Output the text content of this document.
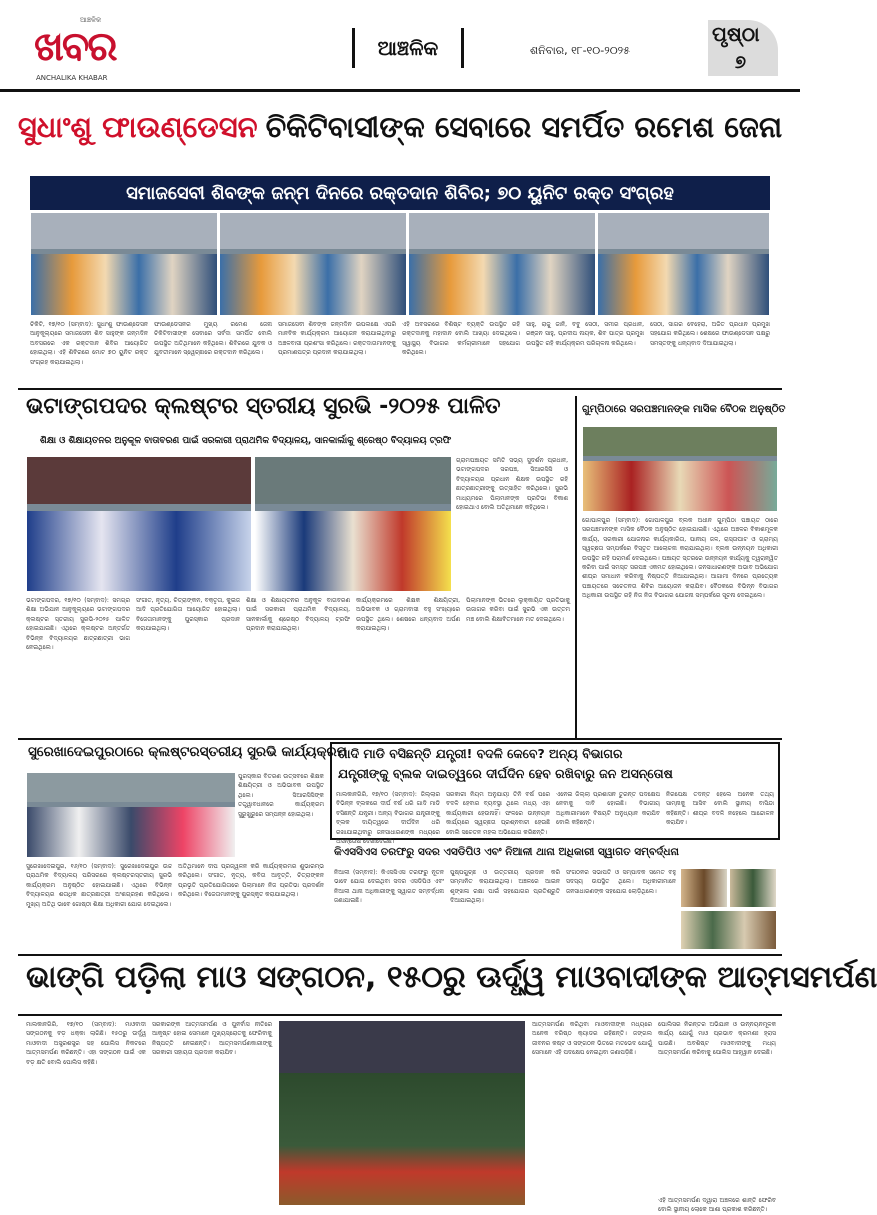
ଆଞ୍ଚଳିକ
ଖବର
ANCHALIKA KHABAR
ଆଞ୍ଚଳିକ	ଶନିବାର, ୧୮-୧୦-୨୦୨୫
ପୃଷ୍ଠା
୭
ସୁଧାଂଶୁ ଫାଉଣ୍ଡେସନ ଚିକିଟିବାସୀଙ୍କ ସେବାରେ ସମର୍ପିତ ରମେଶ ଜେନା
ସମାଜସେବୀ ଶିବଙ୍କ ଜନ୍ମ ଦିନରେ ରକ୍ତଦାନ ଶିବିର; ୭୦ ୟୁନିଟ ରକ୍ତ ସଂଗ୍ରହ
ଚିକିଟି, ୧୭/୧୦ (ସମ୍ବାଦ): ସୁଧାଂଶୁ ଫାଉଣ୍ଡେସନ ଆନୁକୂଲ୍ୟରେ ସମାଜସେବୀ ଶିବ ସାହୁଙ୍କ ଜନ୍ମଦିନ ଅବସରରେ ଏକ ରକ୍ତଦାନ ଶିବିର ଆୟୋଜିତ ହୋଇଥିଲା। ଏହି ଶିବିରରେ ମୋଟ ୭୦ ୟୁନିଟ ରକ୍ତ ସଂଗ୍ରହ କରାଯାଇଥିଲା।
ଫାଉଣ୍ଡେସନର ମୁଖ୍ୟ ରମେଶ ଜେନା ଚିକିଟିବାସୀଙ୍କ ସେବାରେ ସର୍ବଦା ସମର୍ପିତ ବୋଲି ଉପସ୍ଥିତ ଅତିଥିମାନେ କହିଥିଲେ। ଶିବିରରେ ଯୁବକ ଓ ଯୁବତୀମାନେ ସ୍ୱେଚ୍ଛାରେ ରକ୍ତଦାନ କରିଥିଲେ।
ସମାଜସେବୀ ଶିବଙ୍କ ଜନ୍ମଦିନ ଉପଲକ୍ଷେ ଏପରି ମାନବିକ କାର୍ଯ୍ୟକ୍ରମ ଆୟୋଜନ କରାଯାଇଥିବାରୁ ଅଞ୍ଚଳବାସୀ ପ୍ରଶଂସା କରିଥିଲେ। ରକ୍ତଦାତାମାନଙ୍କୁ ପ୍ରମାଣପତ୍ର ପ୍ରଦାନ କରାଯାଇଥିଲା।
ଏହି ଅବସରରେ ବିଶିଷ୍ଟ ବ୍ୟକ୍ତି ଉପସ୍ଥିତ ରହି ରକ୍ତଦାନକୁ ମହାଦାନ ବୋଲି ଆଖ୍ୟା ଦେଇଥିଲେ। ସ୍ୱାସ୍ଥ୍ୟ ବିଭାଗର କର୍ମଚାରୀମାନେ ସହଯୋଗ କରିଥିଲେ।
ସାହୁ, ରାଜୁ ଜାନି, ବବୁ ସେଠୀ, ସମୀର ପ୍ରଧାନ, ରଞ୍ଜନ ସାହୁ, ପ୍ରଦୀପ ନାୟକ, ଶିବ ପାତ୍ର ପ୍ରମୁଖ ଉପସ୍ଥିତ ରହି କାର୍ଯ୍ୟକ୍ରମ ପରିଚାଳନା କରିଥିଲେ।
ସେଠୀ, ସାଗର ବେହେରା, ଅଜିତ ପ୍ରଧାନ ପ୍ରମୁଖ ସହଯୋଗ କରିଥିଲେ। ଶେଷରେ ଫାଉଣ୍ଡେସନ ପକ୍ଷରୁ ସମସ୍ତଙ୍କୁ ଧନ୍ୟବାଦ ଦିଆଯାଇଥିଲା।
ଭଟାଙ୍ଗପଦର କ୍ଲଷ୍ଟର ସ୍ତରୀୟ ସୁରଭି -୨୦୨୫ ପାଳିତ
ଶିକ୍ଷା ଓ ଶିକ୍ଷାୟତନର ଅନୁକୂଳ ବାତାବରଣ ପାଇଁ ସରକାରୀ ପ୍ରାଥମିକ ବିଦ୍ୟାଳୟ, ସାନକାର୍ଲାକୁ ଶ୍ରେଷ୍ଠ ବିଦ୍ୟାଳୟ ଟ୍ରଫି
ଗ୍ରାମପଞ୍ଚାୟତ ସମିତି ସଭ୍ୟ ସୁଦର୍ଶନ ପ୍ରଧାନ, ଭଟାଙ୍ଗପଦର ସରପଞ୍ଚ, ସିଆରସିସି ଓ ବିଦ୍ୟାଳୟର ପ୍ରଧାନ ଶିକ୍ଷକ ଉପସ୍ଥିତ ରହି ଛାତ୍ରଛାତ୍ରୀଙ୍କୁ ଉତ୍ସାହିତ କରିଥିଲେ। ସୁରଭି ମାଧ୍ୟମରେ ପିଲାମାନଙ୍କ ପ୍ରତିଭା ବିକାଶ ହୋଇଥାଏ ବୋଲି ଅତିଥିମାନେ କହିଥିଲେ।
ଭଟାଙ୍ଗପଦର, ୧୭/୧୦ (ସମ୍ବାଦ): ସମଗ୍ର ଶିକ୍ଷା ଅଭିଯାନ ଆନୁକୂଲ୍ୟରେ ଭଟାଙ୍ଗପଦର କ୍ଲଷ୍ଟର ସ୍ତରୀୟ ସୁରଭି-୨୦୨୫ ପାଳିତ ହୋଇଯାଇଛି। ଏଥିରେ କ୍ଲଷ୍ଟର ଅନ୍ତର୍ଗତ ବିଭିନ୍ନ ବିଦ୍ୟାଳୟର ଛାତ୍ରଛାତ୍ରୀ ଭାଗ ନେଇଥିଲେ।
ସଂଗୀତ, ନୃତ୍ୟ, ଚିତ୍ରାଙ୍କନ, ବକ୍ତୃତା, କୁଇଜ ଆଦି ପ୍ରତିଯୋଗିତା ଆୟୋଜିତ ହୋଇଥିଲା। ବିଜେତାମାନଙ୍କୁ ପୁରସ୍କାର ପ୍ରଦାନ କରାଯାଇଥିଲା।
ଶିକ୍ଷା ଓ ଶିକ୍ଷାୟତନର ଅନୁକୂଳ ବାତାବରଣ ପାଇଁ ସରକାରୀ ପ୍ରାଥମିକ ବିଦ୍ୟାଳୟ, ସାନକାର୍ଲାକୁ ଶ୍ରେଷ୍ଠ ବିଦ୍ୟାଳୟ ଟ୍ରଫି ପ୍ରଦାନ କରାଯାଇଥିଲା।
କାର୍ଯ୍ୟକ୍ରମରେ ଶିକ୍ଷକ ଶିକ୍ଷୟିତ୍ରୀ, ଅଭିଭାବକ ଓ ଗ୍ରାମବାସୀ ବହୁ ସଂଖ୍ୟାରେ ଉପସ୍ଥିତ ଥିଲେ। ଶେଷରେ ଧନ୍ୟବାଦ ଅର୍ପଣ କରାଯାଇଥିଲା।
ପିଲାମାନଙ୍କ ଭିତରେ ଲୁକ୍କାୟିତ ପ୍ରତିଭାକୁ ଉଜାଗର କରିବା ପାଇଁ ସୁରଭି ଏକ ଉତ୍ତମ ମଞ୍ଚ ବୋଲି ଶିକ୍ଷାବିତମାନେ ମତ ଦେଇଥିଲେ।
ଗୁମ୍ପିଠାରେ ସରପଞ୍ଚମାନଙ୍କ ମାସିକ ବୈଠକ ଅନୁଷ୍ଠିତ
ଗୋପାଳପୁର (ସମ୍ବାଦ): ଗୋପାଳପୁର ବ୍ଲକ ଅଧୀନ ଗୁମ୍ପିଠା ପଞ୍ଚାୟତ ଠାରେ ସରପଞ୍ଚମାନଙ୍କ ମାସିକ ବୈଠକ ଅନୁଷ୍ଠିତ ହୋଇଯାଇଛି। ଏଥିରେ ଅଞ୍ଚଳର ବିକାଶମୂଳକ କାର୍ଯ୍ୟ, ସରକାରୀ ଯୋଜନାର କାର୍ଯ୍ୟକାରିତା, ପାନୀୟ ଜଳ, ରାସ୍ତାଘାଟ ଓ ଗ୍ରାମ୍ୟ ସ୍ୱଚ୍ଛତା ସମ୍ପର୍କରେ ବିସ୍ତୃତ ଆଲୋଚନା କରାଯାଇଥିଲା। ବ୍ଲକ ଉନ୍ନୟନ ଅଧିକାରୀ ଉପସ୍ଥିତ ରହି ପରାମର୍ଶ ଦେଇଥିଲେ। ପଞ୍ଚାୟତ ସ୍ତରରେ ଉନ୍ନୟନ କାର୍ଯ୍ୟକୁ ତ୍ୱରାନ୍ୱିତ କରିବା ପାଇଁ ସମସ୍ତ ସରପଞ୍ଚ ଏକମତ ହୋଇଥିଲେ। ଜନସାଧାରଣଙ୍କ ଅଭାବ ଅଭିଯୋଗ ଶୀଘ୍ର ସମାଧାନ କରିବାକୁ ନିଷ୍ପତ୍ତି ନିଆଯାଇଥିଲା। ଆଗାମୀ ଦିନରେ ପ୍ରତ୍ୟେକ ପଞ୍ଚାୟତରେ ସଚେତନତା ଶିବିର ଆୟୋଜନ କରାଯିବ। ବୈଠକରେ ବିଭିନ୍ନ ବିଭାଗର ଅଧିକାରୀ ଉପସ୍ଥିତ ରହି ନିଜ ନିଜ ବିଭାଗର ଯୋଜନା ସମ୍ପର୍କରେ ସୂଚନା ଦେଇଥିଲେ।
ସୁରେଖାଦେଇପୁରଠାରେ କ୍ଲଷ୍ଟରସ୍ତରୀୟ ସୁରଭି କାର୍ଯ୍ୟକ୍ରମ
ପୁରସ୍କାର ବିତରଣ ଉତ୍ସବରେ ଶିକ୍ଷକ ଶିକ୍ଷୟିତ୍ରୀ ଓ ଅଭିଭାବକ ଉପସ୍ଥିତ ଥିଲେ। ସିଆରସିସିଙ୍କ ତତ୍ତ୍ୱାବଧାନରେ କାର୍ଯ୍ୟକ୍ରମ ସୁରୁଖୁରୁରେ ସମ୍ପନ୍ନ ହୋଇଥିଲା।
ସୁରେଖାଦେଇପୁର, ୧୬/୧୦ (ସମ୍ବାଦ): ସୁରେଖାଦେଇପୁର ଉଚ୍ଚ ପ୍ରାଥମିକ ବିଦ୍ୟାଳୟ ପରିସରରେ କ୍ଲଷ୍ଟରସ୍ତରୀୟ ସୁରଭି କାର୍ଯ୍ୟକ୍ରମ ଅନୁଷ୍ଠିତ ହୋଇଯାଇଛି। ଏଥିରେ ବିଭିନ୍ନ ବିଦ୍ୟାଳୟର ଶତାଧିକ ଛାତ୍ରଛାତ୍ରୀ ଅଂଶଗ୍ରହଣ କରିଥିଲେ। ମୁଖ୍ୟ ଅତିଥି ଭାବେ ଗୋଷ୍ଠୀ ଶିକ୍ଷା ଅଧିକାରୀ ଯୋଗ ଦେଇଥିଲେ।
ଅତିଥିମାନେ ଦୀପ ପ୍ରଜ୍ୱଳନ କରି କାର୍ଯ୍ୟକ୍ରମର ଶୁଭାରମ୍ଭ କରିଥିଲେ। ସଂଗୀତ, ନୃତ୍ୟ, କବିତା ଆବୃତ୍ତି, ଚିତ୍ରାଙ୍କନ ପ୍ରଭୃତି ପ୍ରତିଯୋଗିତାରେ ପିଲାମାନେ ନିଜ ପ୍ରତିଭା ପ୍ରଦର୍ଶନ କରିଥିଲେ। ବିଜେତାମାନଙ୍କୁ ପୁରସ୍କୃତ କରାଯାଇଥିଲା।
ଗାଦି ମାଡି ବସିଛନ୍ତି ଯନ୍ତ୍ରୀ! ବଦଳି କେବେ? ଅନ୍ୟ ବିଭାଗର
ଯନ୍ତ୍ରୀଙ୍କୁ ବ୍ଲକ ଦାଇତ୍ୱରେ ଦୀର୍ଘଦିନ ହେବ ରଖିବାରୁ ଜନ ଅସନ୍ତୋଷ
ମାଲକାନଗିରି, ୧୭/୧୦ (ସମ୍ବାଦ): ଜିଲ୍ଲାର ବିଭିନ୍ନ ବ୍ଲକରେ ଦୀର୍ଘ ବର୍ଷ ଧରି ଗାଦି ମାଡି ବସିଛନ୍ତି ଯନ୍ତ୍ରୀ। ଅନ୍ୟ ବିଭାଗର ଯନ୍ତ୍ରୀଙ୍କୁ ବ୍ଲକ ଦାୟିତ୍ୱରେ ଦୀର୍ଘଦିନ ଧରି ରଖାଯାଇଥିବାରୁ ଜନସାଧାରଣଙ୍କ ମଧ୍ୟରେ ଅସନ୍ତୋଷ ଦେଖାଦେଇଛି।
ସରକାରୀ ନିୟମ ଅନୁଯାୟୀ ତିନି ବର୍ଷ ପରେ ବଦଳି ହେବାର ବ୍ୟବସ୍ଥା ଥିଲେ ମଧ୍ୟ ଏହା କାର୍ଯ୍ୟକାରୀ ହେଉନାହିଁ। ଫଳରେ ଉନ୍ନୟନ କାର୍ଯ୍ୟରେ ସ୍ୱଚ୍ଛତା ପ୍ରଶ୍ନବାଚୀ ହେଉଛି ବୋଲି ସଚେତନ ମହଲ ଅଭିଯୋଗ କରିଛନ୍ତି।
ଏନେଇ ଜିଲ୍ଲା ପ୍ରଶାସନ ତୁରନ୍ତ ପଦକ୍ଷେପ ନେବାକୁ ଦାବି ହୋଇଛି। ବିଭାଗୀୟ ଅଧିକାରୀମାନେ ବିଷୟଟି ଅନୁଧ୍ୟାନ କରାଯିବ ବୋଲି କହିଛନ୍ତି।
ନିରପେକ୍ଷ ତଦନ୍ତ ହେଲେ ଅନେକ ତଥ୍ୟ ସାମ୍ନାକୁ ଆସିବ ବୋଲି ସ୍ଥାନୀୟ ବାସିନ୍ଦା କହିଛନ୍ତି। ଶୀଘ୍ର ବଦଳି ନହେଲେ ଆନ୍ଦୋଳନ କରାଯିବ।
କିଏସସିଏସ ତରଫରୁ ସଦର ଏସଡିପିଓ ଏବଂ ନିଆଳୀ ଥାନା ଅଧିକାରୀ ସ୍ୱାଗତ ସମ୍ବର୍ଦ୍ଧନା
ନିଆଳୀ (ସମ୍ବାଦ): କିଏସସିଏସ ତରଫରୁ ନୂତନ ଭାବେ ଯୋଗ ଦେଇଥିବା ସଦର ଏସଡିପିଓ ଏବଂ ନିଆଳୀ ଥାନା ଅଧିକାରୀଙ୍କୁ ସ୍ୱାଗତ ସମ୍ବର୍ଦ୍ଧନା ଜଣାଯାଇଛି।
ପୁଷ୍ପଗୁଚ୍ଛ ଓ ଉତ୍ତରୀୟ ପ୍ରଦାନ କରି ସମ୍ମାନିତ କରାଯାଇଥିଲା। ଅଞ୍ଚଳରେ ଆଇନ ଶୃଙ୍ଖଳା ରକ୍ଷା ପାଇଁ ସହଯୋଗର ପ୍ରତିଶ୍ରୁତି ଦିଆଯାଇଥିଲା।
ସଂଗଠନର ସଭାପତି ଓ ସମ୍ପାଦକ ସମେତ ବହୁ ସଦସ୍ୟ ଉପସ୍ଥିତ ଥିଲେ। ଅଧିକାରୀମାନେ ଜନସାଧାରଣଙ୍କ ସହଯୋଗ ଲୋଡ଼ିଥିଲେ।
ଭାଙ୍ଗି ପଡ଼ିଲା ମାଓ ସଙ୍ଗଠନ, ୧୫୦ରୁ ଊର୍ଦ୍ଧ୍ୱ ମାଓବାଦୀଙ୍କ ଆତ୍ମସମର୍ପଣ
ମାଲକାନଗିରି, ୧୭/୧୦ (ସମ୍ବାଦ): ମାଓବାଦୀ ସଙ୍ଗଠନକୁ ବଡ଼ ଧକ୍କା ଲାଗିଛି। ୧୫୦ରୁ ଊର୍ଦ୍ଧ୍ୱ ମାଓବାଦୀ ଅସ୍ତ୍ରଶସ୍ତ୍ର ସହ ପୋଲିସ ନିକଟରେ ଆତ୍ମସମର୍ପଣ କରିଛନ୍ତି। ଏହା ସଙ୍ଗଠନ ପାଇଁ ଏକ ବଡ଼ କ୍ଷତି ବୋଲି ପୋଲିସ କହିଛି।
ସରକାରଙ୍କ ଆତ୍ମସମର୍ପଣ ଓ ପୁନର୍ବାସ ନୀତିରେ ଆକୃଷ୍ଟ ହୋଇ ସେମାନେ ମୁଖ୍ୟସ୍ରୋତକୁ ଫେରିବାକୁ ନିଷ୍ପତ୍ତି ନେଇଛନ୍ତି। ଆତ୍ମସମର୍ପଣକାରୀଙ୍କୁ ସରକାରୀ ସହାୟତା ପ୍ରଦାନ କରାଯିବ।
ଆତ୍ମସମର୍ପଣ କରିଥିବା ମାଓବାଦୀଙ୍କ ମଧ୍ୟରେ ଅନେକ ବରିଷ୍ଠ କ୍ୟାଡର ରହିଛନ୍ତି। ଜଙ୍ଗଲ ଜୀବନର କଷ୍ଟ ଓ ସଙ୍ଗଠନ ଭିତରେ ମତଭେଦ ଯୋଗୁଁ ସେମାନେ ଏହି ପଦକ୍ଷେପ ନେଇଥିବା ଜଣାପଡ଼ିଛି।
ପୋଲିସର ନିରନ୍ତର ଅଭିଯାନ ଓ ଉନ୍ନୟନମୂଳକ କାର୍ଯ୍ୟ ଯୋଗୁଁ ମାଓ ପ୍ରଭାବ କ୍ରମଶଃ ହ୍ରାସ ପାଉଛି। ଅବଶିଷ୍ଟ ମାଓବାଦୀଙ୍କୁ ମଧ୍ୟ ଆତ୍ମସମର୍ପଣ କରିବାକୁ ପୋଲିସ ଆହ୍ୱାନ ଦେଇଛି।
ଏହି ଆତ୍ମସମର୍ପଣ ଦ୍ୱାରା ଅଞ୍ଚଳରେ ଶାନ୍ତି ଫେରିବ ବୋଲି ସ୍ଥାନୀୟ ଲୋକେ ଆଶା ପ୍ରକାଶ କରିଛନ୍ତି।
